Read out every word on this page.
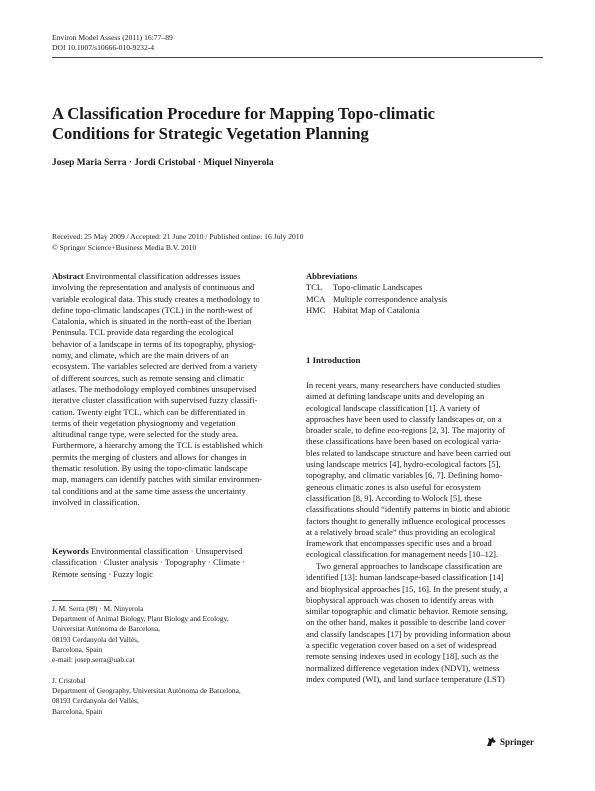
Environ Model Assess (2011) 16:77–89
DOI 10.1007/s10666-010-9232-4
A Classification Procedure for Mapping Topo-climatic
Conditions for Strategic Vegetation Planning
Josep Maria Serra · Jordi Cristobal · Miquel Ninyerola
Received: 25 May 2009 / Accepted: 21 June 2010 / Published online: 16 July 2010
© Springer Science+Business Media B.V. 2010
Abstract Environmental classification addresses issues
involving the representation and analysis of continuous and
variable ecological data. This study creates a methodology to
define topo-climatic landscapes (TCL) in the north-west of
Catalonia, which is situated in the north-east of the Iberian
Peninsula. TCL provide data regarding the ecological
behavior of a landscape in terms of its topography, physiog-
nomy, and climate, which are the main drivers of an
ecosystem. The variables selected are derived from a variety
of different sources, such as remote sensing and climatic
atlases. The methodology employed combines unsupervised
iterative cluster classification with supervised fuzzy classifi-
cation. Twenty eight TCL, which can be differentiated in
terms of their vegetation physiognomy and vegetation
altitudinal range type, were selected for the study area.
Furthermore, a hierarchy among the TCL is established which
permits the merging of clusters and allows for changes in
thematic resolution. By using the topo-climatic landscape
map, managers can identify patches with similar environmen-
tal conditions and at the same time assess the uncertainty
involved in classification.
Keywords Environmental classification · Unsupervised
classification · Cluster analysis · Topography · Climate ·
Remote sensing · Fuzzy logic
J. M. Serra (✉) · M. Ninyerola
Department of Animal Biology, Plant Biology and Ecology,
Universitat Autònoma de Barcelona,
08193 Cerdanyola del Vallès,
Barcelona, Spain
e-mail: josep.serra@uab.cat
J. Cristobal
Department of Geography, Universitat Autònoma de Barcelona,
08193 Cerdanyola del Vallès,
Barcelona, Spain
Abbreviations
TCL	Topo-climatic Landscapes
MCA Multiple correspondence analysis
HMC Habitat Map of Catalonia
1 Introduction
In recent years, many researchers have conducted studies
aimed at defining landscape units and developing an
ecological landscape classification [1]. A variety of
approaches have been used to classify landscapes or, on a
broader scale, to define eco-regions [2, 3]. The majority of
these classifications have been based on ecological varia-
bles related to landscape structure and have been carried out
using landscape metrics [4], hydro-ecological factors [5],
topography, and climatic variables [6, 7]. Defining homo-
geneous climatic zones is also useful for ecosystem
classification [8, 9]. According to Wolock [5], these
classifications should “identify patterns in biotic and abiotic
factors thought to generally influence ecological processes
at a relatively broad scale” thus providing an ecological
framework that encompasses specific uses and a broad
ecological classification for management needs [10–12].
Two general approaches to landscape classification are
identified [13]: human landscape-based classification [14]
and biophysical approaches [15, 16]. In the present study, a
biophysical approach was chosen to identify areas with
similar topographic and climatic behavior. Remote sensing,
on the other hand, makes it possible to describe land cover
and classify landscapes [17] by providing information about
a specific vegetation cover based on a set of widespread
remote sensing indexes used in ecology [18], such as the
normalized difference vegetation index (NDVI), wetness
index computed (WI), and land surface temperature (LST)
Springer
